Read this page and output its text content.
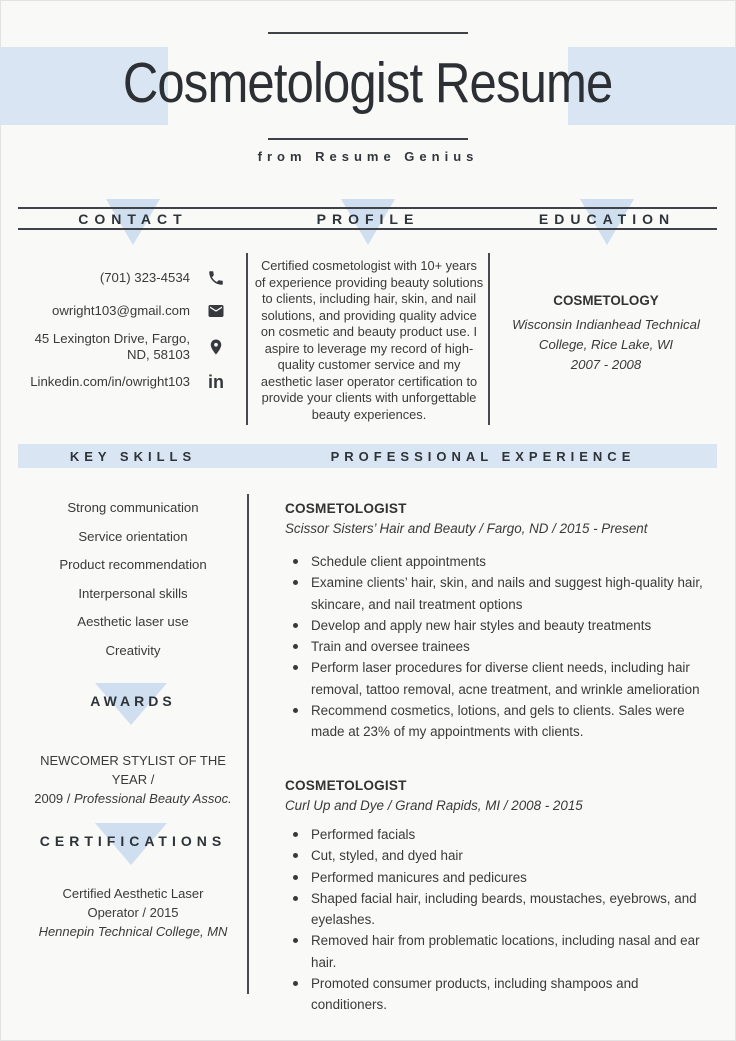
Cosmetologist Resume
from Resume Genius
CONTACT	PROFILE	EDUCATION
(701) 323-4534
owright103@gmail.com
45 Lexington Drive, Fargo,
ND, 58103
Linkedin.com/in/owright103 in
Certified cosmetologist with 10+ years of experience providing beauty solutions to clients, including hair, skin, and nail solutions, and providing quality advice on cosmetic and beauty product use. I aspire to leverage my record of high-quality customer service and my aesthetic laser operator certification to provide your clients with unforgettable beauty experiences.
COSMETOLOGY
Wisconsin Indianhead Technical College, Rice Lake, WI
2007 - 2008
KEY SKILLS	PROFESSIONAL EXPERIENCE
Strong communication
Service orientation
Product recommendation
Interpersonal skills
Aesthetic laser use
Creativity
AWARDS
NEWCOMER STYLIST OF THE YEAR /
2009 / Professional Beauty Assoc.
CERTIFICATIONS
Certified Aesthetic Laser
Operator / 2015
Hennepin Technical College, MN
COSMETOLOGIST
Scissor Sisters’ Hair and Beauty / Fargo, ND / 2015 - Present
Schedule client appointments
Examine clients’ hair, skin, and nails and suggest high-quality hair, skincare, and nail treatment options
Develop and apply new hair styles and beauty treatments
Train and oversee trainees
Perform laser procedures for diverse client needs, including hair removal, tattoo removal, acne treatment, and wrinkle amelioration
Recommend cosmetics, lotions, and gels to clients. Sales were made at 23% of my appointments with clients.
COSMETOLOGIST
Curl Up and Dye / Grand Rapids, MI / 2008 - 2015
Performed facials
Cut, styled, and dyed hair
Performed manicures and pedicures
Shaped facial hair, including beards, moustaches, eyebrows, and eyelashes.
Removed hair from problematic locations, including nasal and ear hair.
Promoted consumer products, including shampoos and conditioners.
